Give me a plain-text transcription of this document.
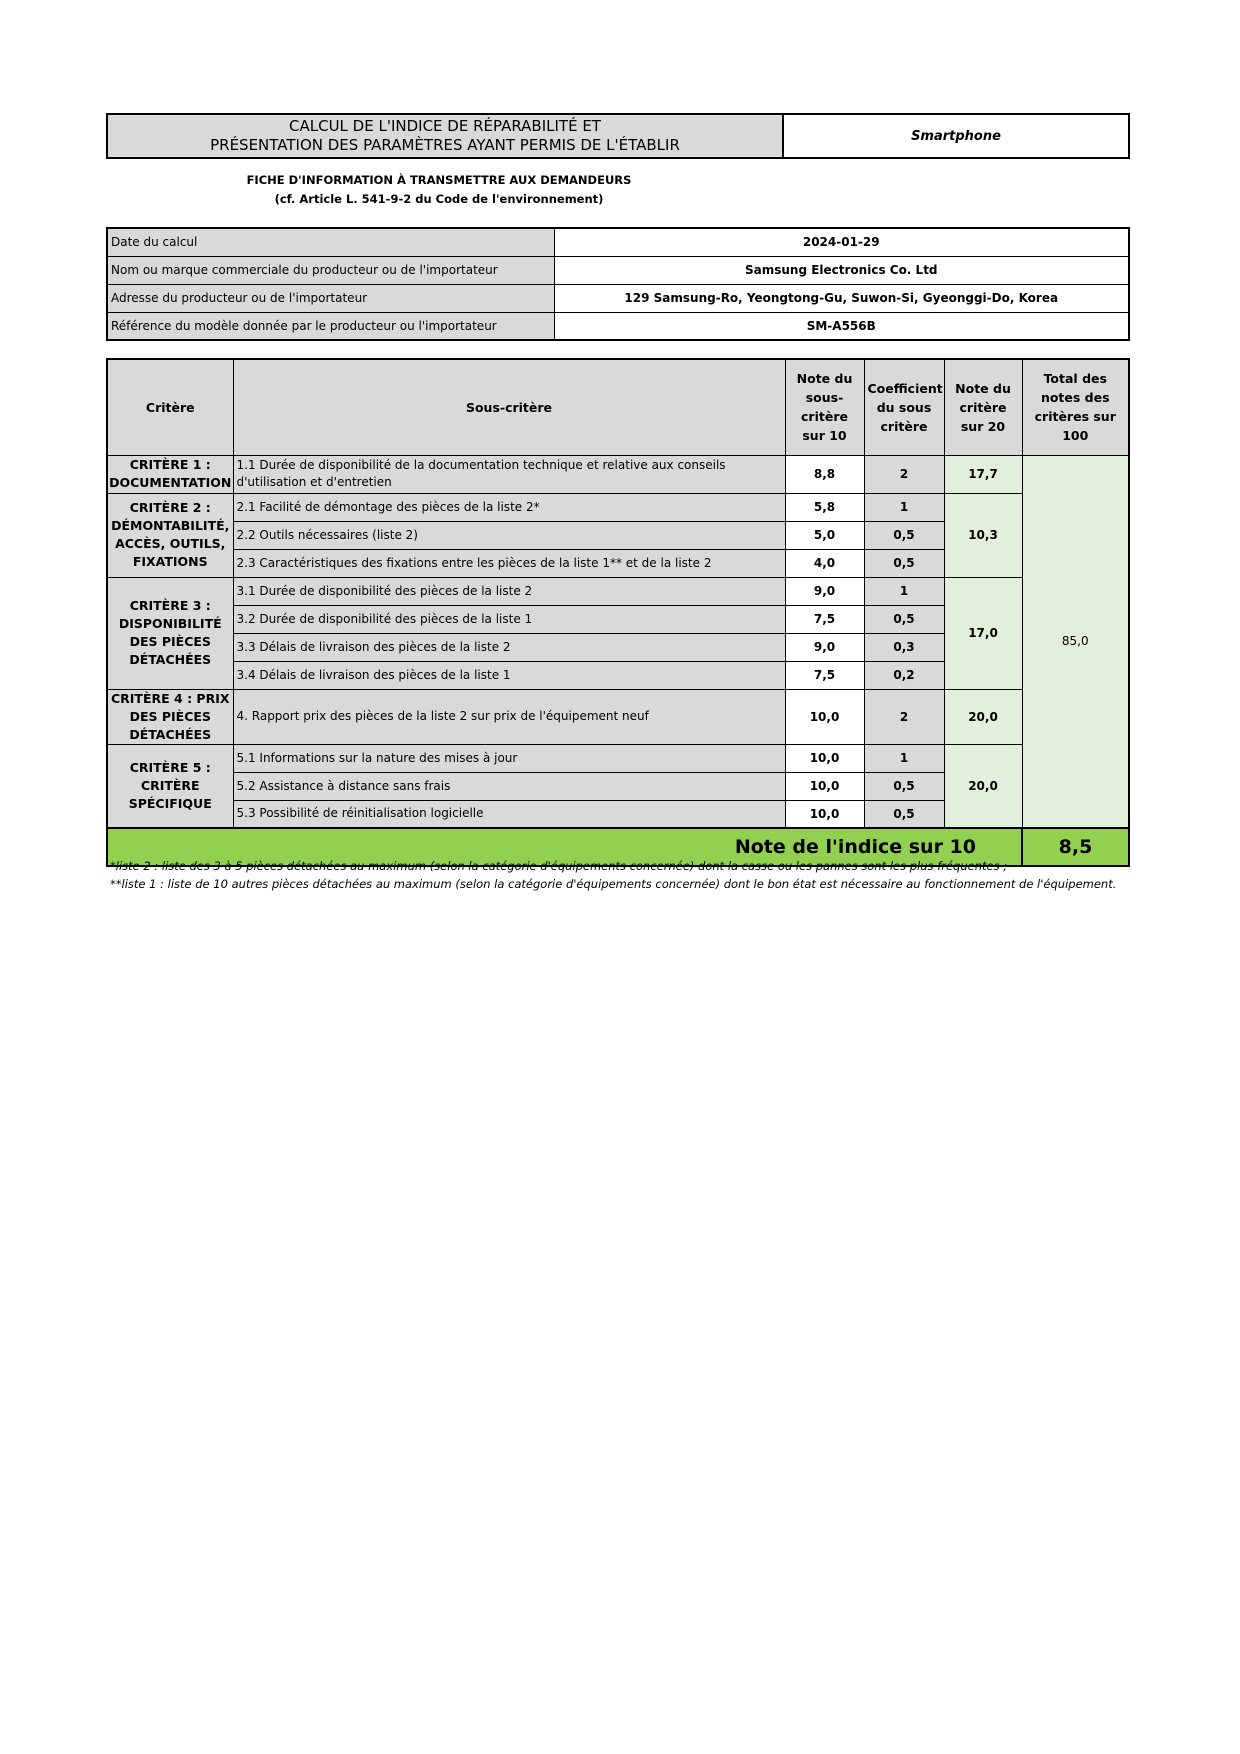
CALCUL DE L'INDICE DE RÉPARABILITÉ ET
PRÉSENTATION DES PARAMÈTRES AYANT PERMIS DE L'ÉTABLIR	Smartphone
FICHE D'INFORMATION À TRANSMETTRE AUX DEMANDEURS
(cf. Article L. 541-9-2 du Code de l'environnement)
Date du calcul	2024-01-29
Nom ou marque commerciale du producteur ou de l'importateur	Samsung Electronics Co. Ltd
Adresse du producteur ou de l'importateur	129 Samsung-Ro, Yeongtong-Gu, Suwon-Si, Gyeonggi-Do, Korea
Référence du modèle donnée par le producteur ou l'importateur	SM-A556B
Critère	Sous-critère	Note du sous-critère sur 10	Coefficient du sous critère	Note du critère sur 20	Total des notes des critères sur 100
CRITÈRE 1 : DOCUMENTATION	1.1 Durée de disponibilité de la documentation technique et relative aux conseils d'utilisation et d'entretien	8,8	2	17,7	85,0
CRITÈRE 2 : DÉMONTABILITÉ, ACCÈS, OUTILS, FIXATIONS	2.1 Facilité de démontage des pièces de la liste 2*	5,8	1	10,3	
	2.2 Outils nécessaires (liste 2)	5,0	0,5		
	2.3 Caractéristiques des fixations entre les pièces de la liste 1** et de la liste 2	4,0	0,5		
CRITÈRE 3 : DISPONIBILITÉ DES PIÈCES DÉTACHÉES	3.1 Durée de disponibilité des pièces de la liste 2	9,0	1	17,0	
	3.2 Durée de disponibilité des pièces de la liste 1	7,5	0,5		
	3.3 Délais de livraison des pièces de la liste 2	9,0	0,3		
	3.4 Délais de livraison des pièces de la liste 1	7,5	0,2		
CRITÈRE 4 : PRIX DES PIÈCES DÉTACHÉES	4. Rapport prix des pièces de la liste 2 sur prix de l'équipement neuf	10,0	2	20,0	
CRITÈRE 5 : CRITÈRE SPÉCIFIQUE	5.1 Informations sur la nature des mises à jour	10,0	1	20,0	
	5.2 Assistance à distance sans frais	10,0	0,5		
	5.3 Possibilité de réinitialisation logicielle	10,0	0,5		
Note de l'indice sur 10					8,5
*liste 2 : liste des 3 à 5 pièces détachées au maximum (selon la catégorie d'équipements concernée) dont la casse ou les pannes sont les plus fréquentes ;
**liste 1 : liste de 10 autres pièces détachées au maximum (selon la catégorie d'équipements concernée) dont le bon état est nécessaire au fonctionnement de l'équipement.
